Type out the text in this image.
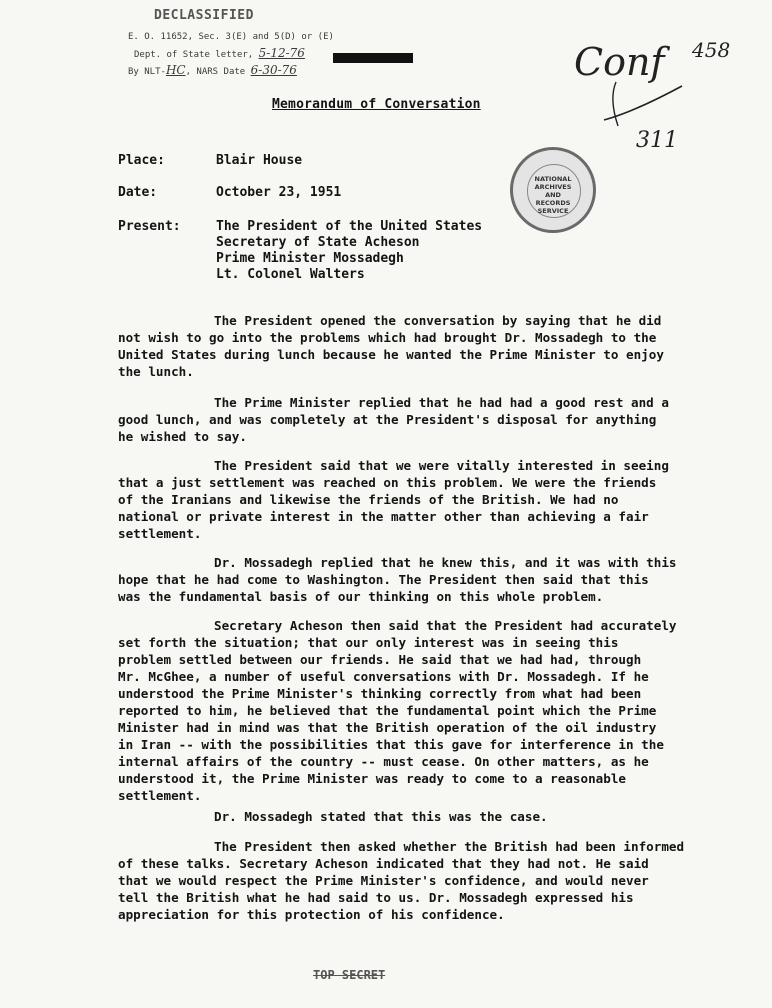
DECLASSIFIED
E. O. 11652, Sec. 3(E) and 5(D) or (E)
Dept. of State letter, 5-12-76
By NLT-HC, NARS Date 6-30-76	Conf 458
311
Memorandum of Conversation
Place:	Blair House
Date:	October 23, 1951
Present:	The President of the United States
Secretary of State Acheson
Prime Minister Mossadegh
Lt. Colonel Walters
NATIONAL
ARCHIVES AND
RECORDS
SERVICE
The President opened the conversation by saying that he did
not wish to go into the problems which had brought Dr. Mossadegh to the
United States during lunch because he wanted the Prime Minister to enjoy
the lunch.
The Prime Minister replied that he had had a good rest and a
good lunch, and was completely at the President's disposal for anything
he wished to say.
The President said that we were vitally interested in seeing
that a just settlement was reached on this problem. We were the friends
of the Iranians and likewise the friends of the British. We had no
national or private interest in the matter other than achieving a fair
settlement.
Dr. Mossadegh replied that he knew this, and it was with this
hope that he had come to Washington. The President then said that this
was the fundamental basis of our thinking on this whole problem.
Secretary Acheson then said that the President had accurately
set forth the situation; that our only interest was in seeing this
problem settled between our friends. He said that we had had, through
Mr. McGhee, a number of useful conversations with Dr. Mossadegh. If he
understood the Prime Minister's thinking correctly from what had been
reported to him, he believed that the fundamental point which the Prime
Minister had in mind was that the British operation of the oil industry
in Iran -- with the possibilities that this gave for interference in the
internal affairs of the country -- must cease. On other matters, as he
understood it, the Prime Minister was ready to come to a reasonable
settlement.
Dr. Mossadegh stated that this was the case.
The President then asked whether the British had been informed
of these talks. Secretary Acheson indicated that they had not. He said
that we would respect the Prime Minister's confidence, and would never
tell the British what he had said to us. Dr. Mossadegh expressed his
appreciation for this protection of his confidence.
TOP SECRET
